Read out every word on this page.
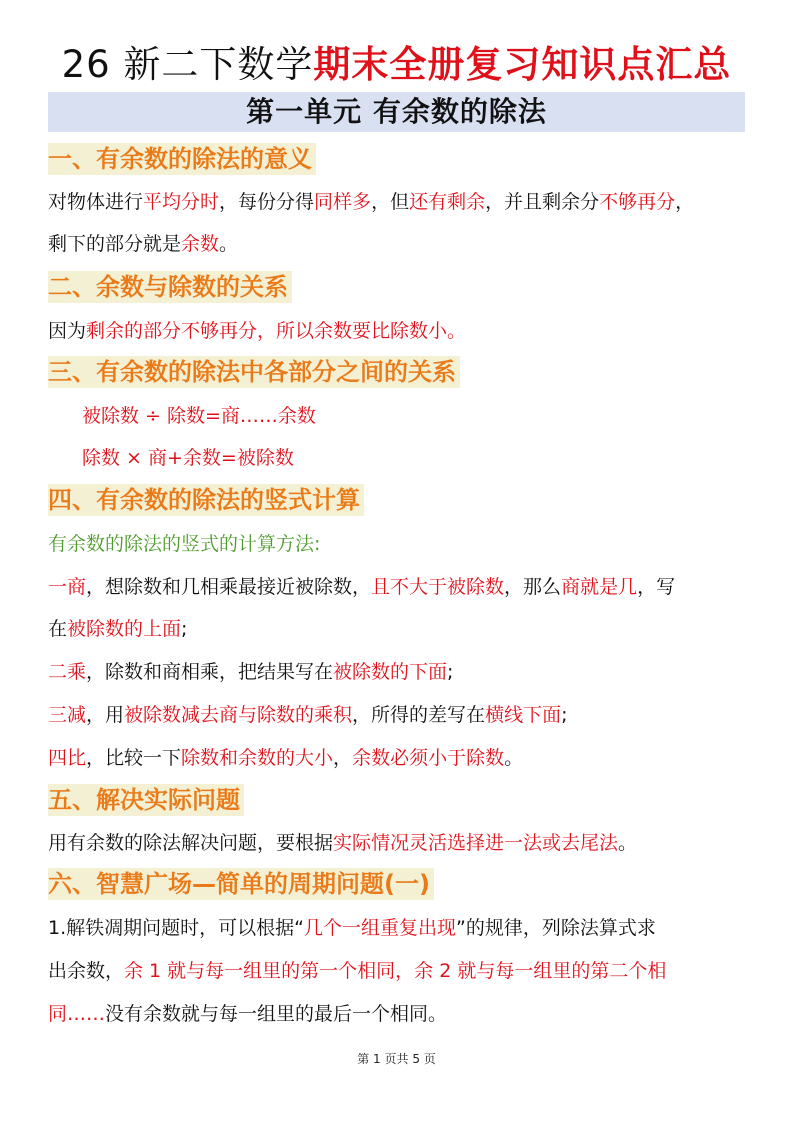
26 新二下数学期末全册复习知识点汇总
第一单元 有余数的除法
一、有余数的除法的意义
对物体进行平均分时，每份分得同样多，但还有剩余，并且剩余分不够再分，
剩下的部分就是余数。
二、余数与除数的关系
因为剩余的部分不够再分，所以余数要比除数小。
三、有余数的除法中各部分之间的关系
被除数 ÷ 除数=商……余数
除数 × 商+余数=被除数
四、有余数的除法的竖式计算
有余数的除法的竖式的计算方法:
一商，想除数和几相乘最接近被除数，且不大于被除数，那么商就是几，写
在被除数的上面;
二乘，除数和商相乘，把结果写在被除数的下面;
三减，用被除数减去商与除数的乘积，所得的差写在横线下面;
四比，比较一下除数和余数的大小，余数必须小于除数。
五、解决实际问题
用有余数的除法解决问题，要根据实际情况灵活选择进一法或去尾法。
六、智慧广场—简单的周期问题(一)
1.解铁凋期问题时，可以根据“几个一组重复出现”的规律，列除法算式求
出余数，余 1 就与每一组里的第一个相同，余 2 就与每一组里的第二个相
同……没有余数就与每一组里的最后一个相同。
第 1 页共 5 页
